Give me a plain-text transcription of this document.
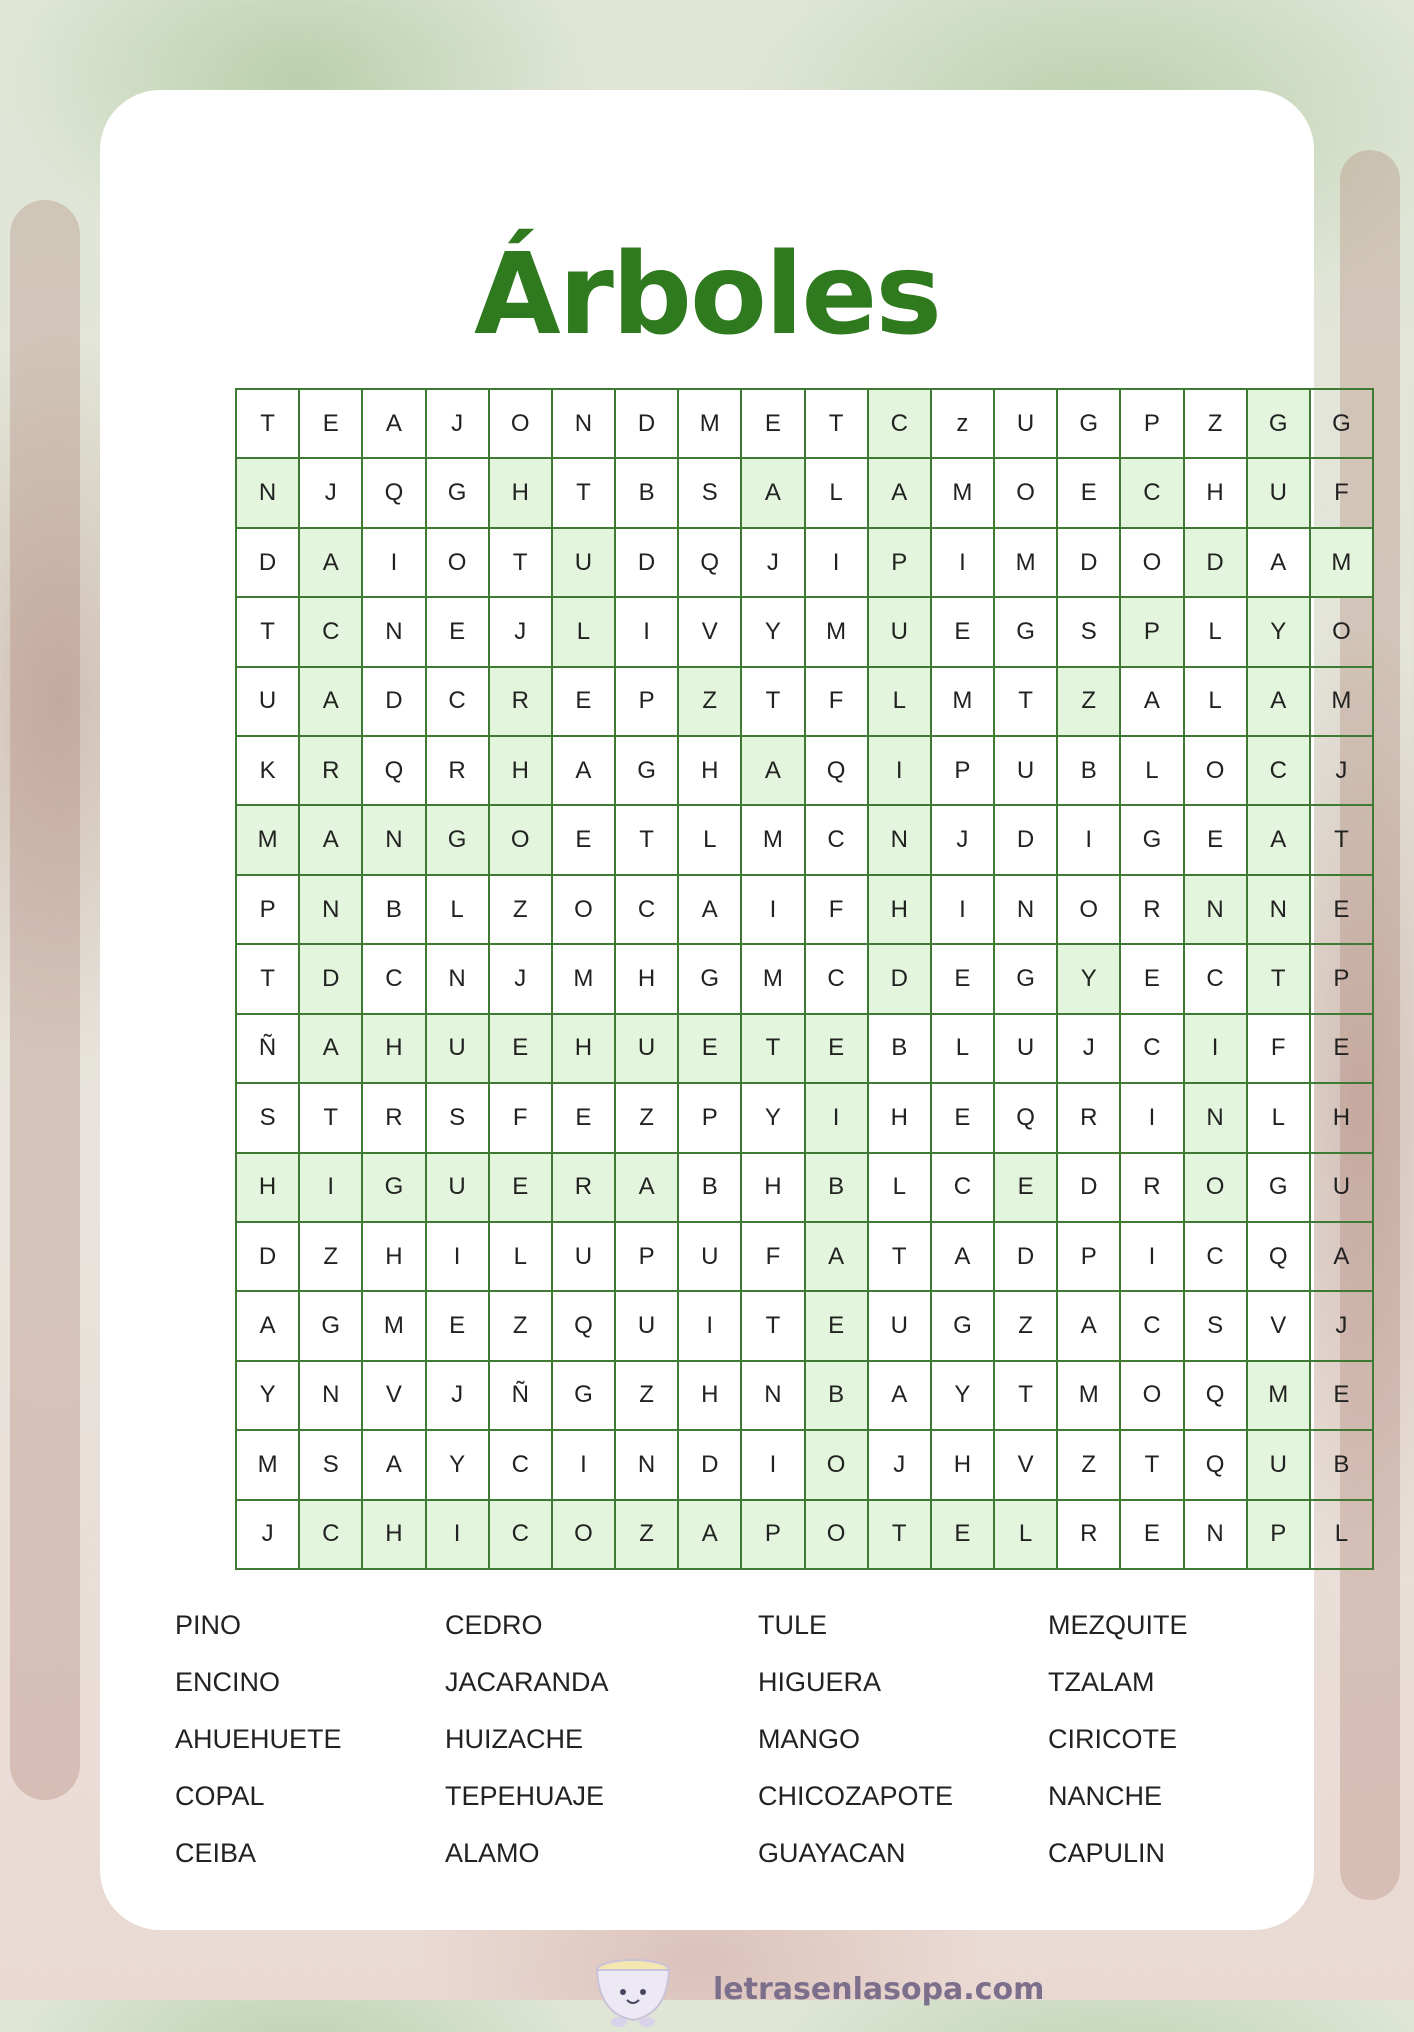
Árboles
T	E	A	J	O	N	D	M	E	T	C	z	U	G	P	Z	G	G
N	J	Q	G	H	T	B	S	A	L	A	M	O	E	C	H	U	F
D	A	I	O	T	U	D	Q	J	I	P	I	M	D	O	D	A	M
T	C	N	E	J	L	I	V	Y	M	U	E	G	S	P	L	Y	O
U	A	D	C	R	E	P	Z	T	F	L	M	T	Z	A	L	A	M
K	R	Q	R	H	A	G	H	A	Q	I	P	U	B	L	O	C	J
M	A	N	G	O	E	T	L	M	C	N	J	D	I	G	E	A	T
P	N	B	L	Z	O	C	A	I	F	H	I	N	O	R	N	N	E
T	D	C	N	J	M	H	G	M	C	D	E	G	Y	E	C	T	P
Ñ	A	H	U	E	H	U	E	T	E	B	L	U	J	C	I	F	E
S	T	R	S	F	E	Z	P	Y	I	H	E	Q	R	I	N	L	H
H	I	G	U	E	R	A	B	H	B	L	C	E	D	R	O	G	U
D	Z	H	I	L	U	P	U	F	A	T	A	D	P	I	C	Q	A
A	G	M	E	Z	Q	U	I	T	E	U	G	Z	A	C	S	V	J
Y	N	V	J	Ñ	G	Z	H	N	B	A	Y	T	M	O	Q	M	E
M	S	A	Y	C	I	N	D	I	O	J	H	V	Z	T	Q	U	B
J	C	H	I	C	O	Z	A	P	O	T	E	L	R	E	N	P	L
PINO	CEDRO	TULE	MEZQUITE
ENCINO	JACARANDA	HIGUERA	TZALAM
AHUEHUETE	HUIZACHE	MANGO	CIRICOTE
COPAL	TEPEHUAJE	CHICOZAPOTE	NANCHE
CEIBA	ALAMO	GUAYACAN	CAPULIN
letrasenlasopa.com
